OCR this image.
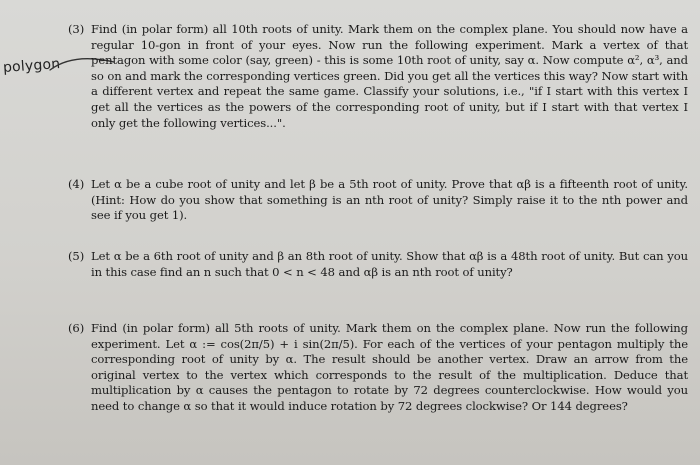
polygon
(3) Find (in polar form) all 10th roots of unity. Mark them on the complex plane. You should now have a regular 10-gon in front of your eyes. Now run the following experiment. Mark a vertex of that pentagon with some color (say, green) - this is some 10th root of unity, say α. Now compute α², α³, and so on and mark the corresponding vertices green. Did you get all the vertices this way? Now start with a different vertex and repeat the same game. Classify your solutions, i.e., "if I start with this vertex I get all the vertices as the powers of the corresponding root of unity, but if I start with that vertex I only get the following vertices...".
(4) Let α be a cube root of unity and let β be a 5th root of unity. Prove that αβ is a fifteenth root of unity. (Hint: How do you show that something is an nth root of unity? Simply raise it to the nth power and see if you get 1).
(5) Let α be a 6th root of unity and β an 8th root of unity. Show that αβ is a 48th root of unity. But can you in this case find an n such that 0 < n < 48 and αβ is an nth root of unity?
(6) Find (in polar form) all 5th roots of unity. Mark them on the complex plane. Now run the following experiment. Let α := cos(2π/5) + i sin(2π/5). For each of the vertices of your pentagon multiply the corresponding root of unity by α. The result should be another vertex. Draw an arrow from the original vertex to the vertex which corresponds to the result of the multiplication. Deduce that multiplication by α causes the pentagon to rotate by 72 degrees counterclockwise. How would you need to change α so that it would induce rotation by 72 degrees clockwise? Or 144 degrees?
